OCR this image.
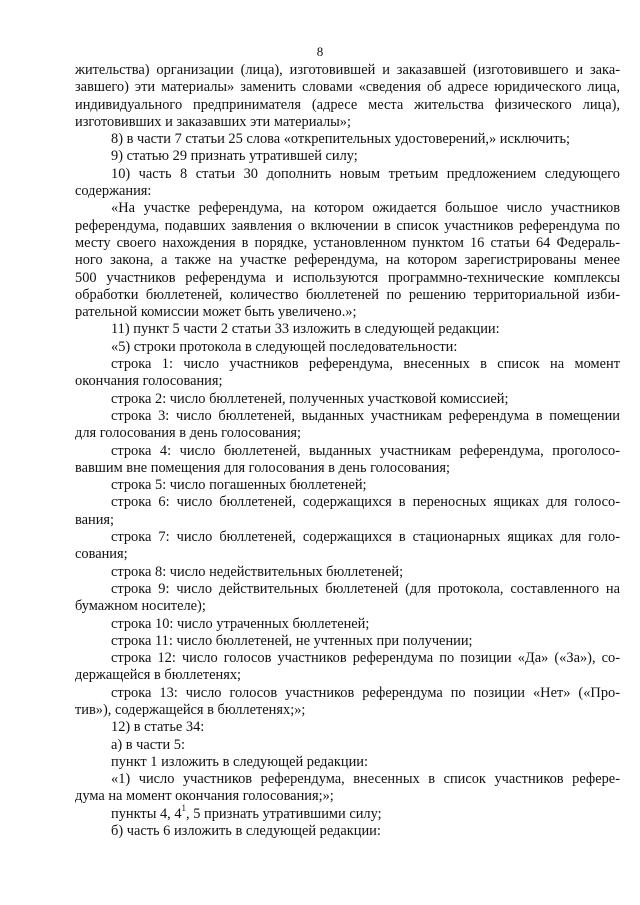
8
жительства) организации (лица), изготовившей и заказавшей (изготовившего и зака-
завшего) эти материалы» заменить словами «сведения об адресе юридического лица,
индивидуального предпринимателя (адресе места жительства физического лица),
изготовивших и заказавших эти материалы»;
8) в части 7 статьи 25 слова «открепительных удостоверений,» исключить;
9) статью 29 признать утратившей силу;
10) часть 8 статьи 30 дополнить новым третьим предложением следующего
содержания:
«На участке референдума, на котором ожидается большое число участников
референдума, подавших заявления о включении в список участников референдума по
месту своего нахождения в порядке, установленном пунктом 16 статьи 64 Федераль-
ного закона, а также на участке референдума, на котором зарегистрированы менее
500 участников референдума и используются программно-технические комплексы
обработки бюллетеней, количество бюллетеней по решению территориальной изби-
рательной комиссии может быть увеличено.»;
11) пункт 5 части 2 статьи 33 изложить в следующей редакции:
«5) строки протокола в следующей последовательности:
строка 1: число участников референдума, внесенных в список на момент
окончания голосования;
строка 2: число бюллетеней, полученных участковой комиссией;
строка 3: число бюллетеней, выданных участникам референдума в помещении
для голосования в день голосования;
строка 4: число бюллетеней, выданных участникам референдума, проголосо-
вавшим вне помещения для голосования в день голосования;
строка 5: число погашенных бюллетеней;
строка 6: число бюллетеней, содержащихся в переносных ящиках для голосо-
вания;
строка 7: число бюллетеней, содержащихся в стационарных ящиках для голо-
сования;
строка 8: число недействительных бюллетеней;
строка 9: число действительных бюллетеней (для протокола, составленного на
бумажном носителе);
строка 10: число утраченных бюллетеней;
строка 11: число бюллетеней, не учтенных при получении;
строка 12: число голосов участников референдума по позиции «Да» («За»), со-
держащейся в бюллетенях;
строка 13: число голосов участников референдума по позиции «Нет» («Про-
тив»), содержащейся в бюллетенях;»;
12) в статье 34:
а) в части 5:
пункт 1 изложить в следующей редакции:
«1) число участников референдума, внесенных в список участников рефере-
дума на момент окончания голосования;»;
пункты 4, $4^1$, 5 признать утратившими силу;
б) часть 6 изложить в следующей редакции:
